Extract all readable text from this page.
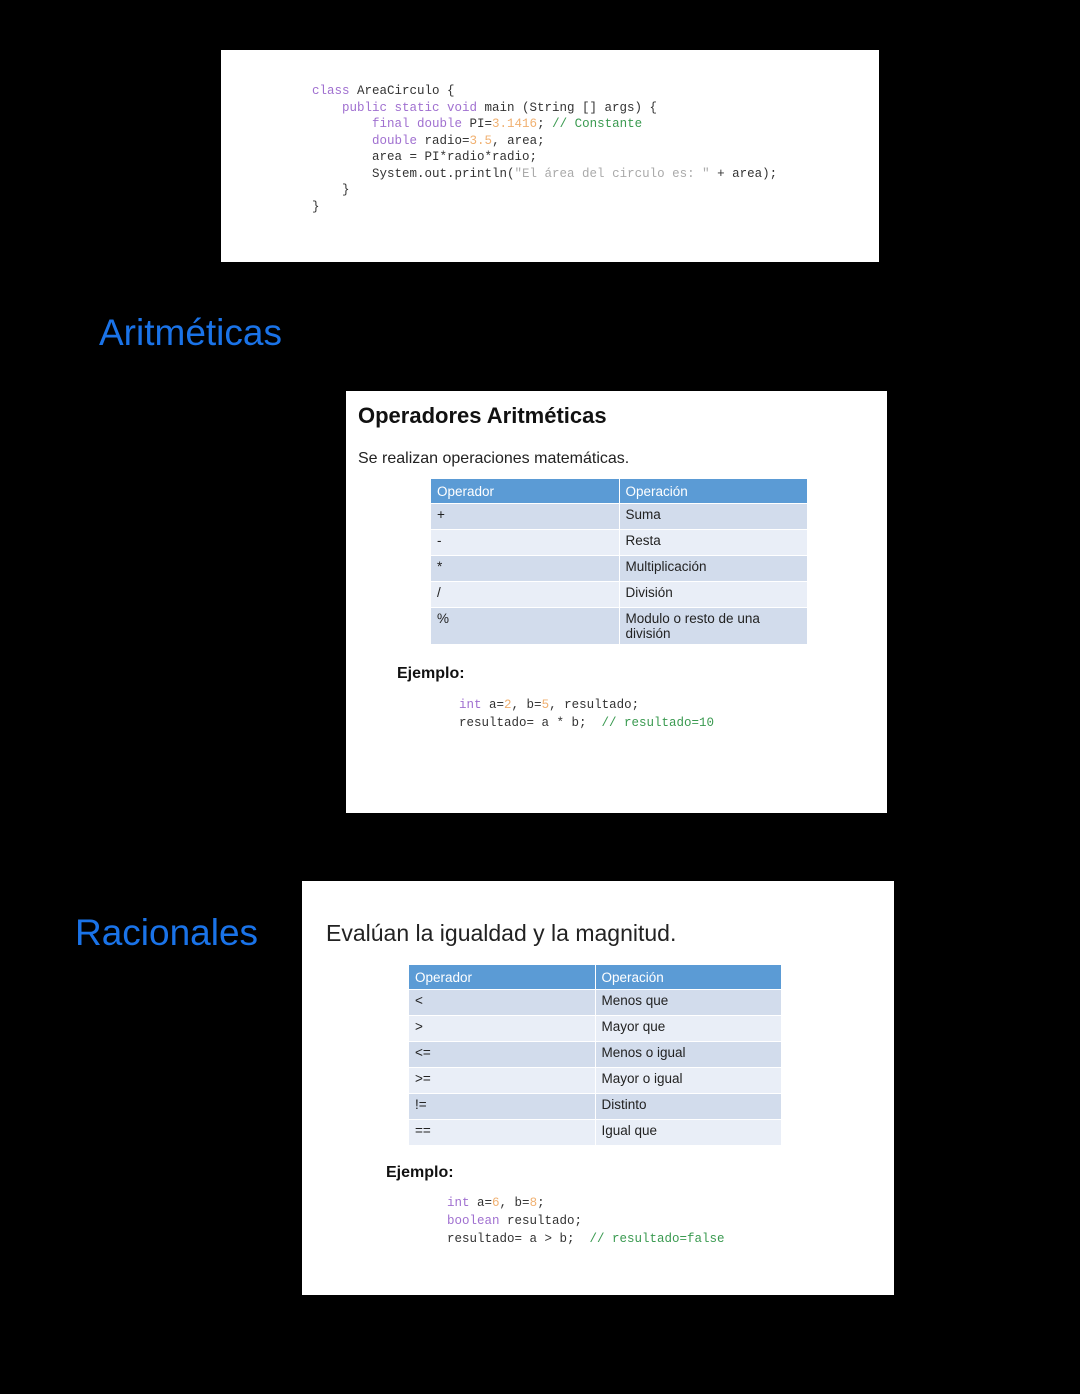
class AreaCirculo {
public static void main (String [] args) {
final double PI=3.1416; // Constante
double radio=3.5, area;
area = PI*radio*radio;
System.out.println("El área del circulo es: " + area);
}
}
Aritméticas
Operadores Aritméticas
Se realizan operaciones matemáticas.
Operador	Operación
+	Suma
-	Resta
*	Multiplicación
/	División
%	Modulo o resto de una división
Ejemplo:
int a=2, b=5, resultado;
resultado= a * b;  // resultado=10
Racionales	Evalúan la igualdad y la magnitud.
Operador	Operación
<	Menos que
>	Mayor que
<=	Menos o igual
>=	Mayor o igual
!=	Distinto
==	Igual que
Ejemplo:
int a=6, b=8;
boolean resultado;
resultado= a > b;  // resultado=false
